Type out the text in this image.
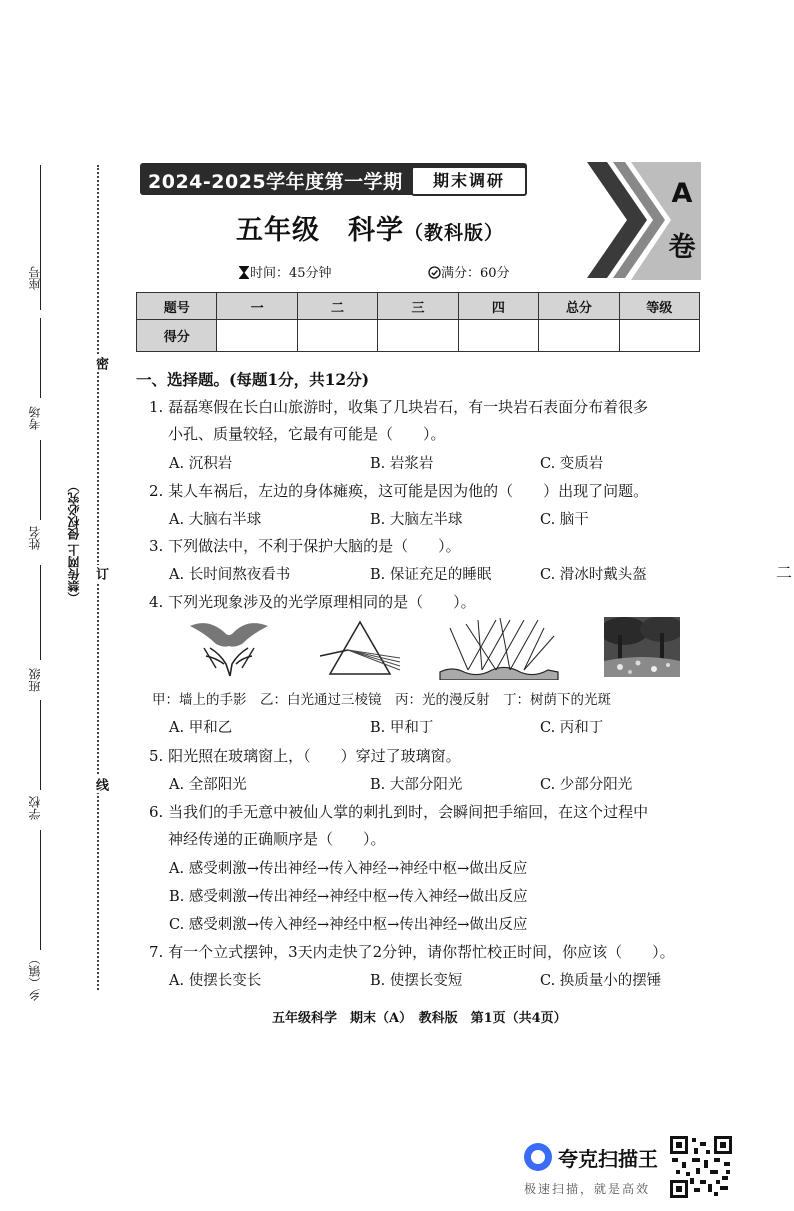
座号
考场
姓名
班级
学校
乡（镇）
（禁传网上 侵权必究）
密
订
线
2024-2025学年度第一学期	期末调研	A
卷
五年级　科学（教科版）
时间：45分钟	满分：60分
题号	一	二	三	四	总分	等级
得分						
一、选择题。(每题1分，共12分)
1. 磊磊寒假在长白山旅游时，收集了几块岩石，有一块岩石表面分布着很多
小孔、质量较轻，它最有可能是（　　）。
A. 沉积岩	B. 岩浆岩	C. 变质岩
2. 某人车祸后，左边的身体瘫痪，这可能是因为他的（　　）出现了问题。
A. 大脑右半球	B. 大脑左半球	C. 脑干
3. 下列做法中，不利于保护大脑的是（　　）。
A. 长时间熬夜看书	B. 保证充足的睡眠	C. 滑冰时戴头盔
4. 下列光现象涉及的光学原理相同的是（　　）。
甲：墙上的手影　乙：白光通过三棱镜　丙：光的漫反射　丁：树荫下的光斑
A. 甲和乙	B. 甲和丁	C. 丙和丁
5. 阳光照在玻璃窗上，（　　）穿过了玻璃窗。
A. 全部阳光	B. 大部分阳光	C. 少部分阳光
6. 当我们的手无意中被仙人掌的刺扎到时，会瞬间把手缩回，在这个过程中
神经传递的正确顺序是（　　）。
A. 感受刺激→传出神经→传入神经→神经中枢→做出反应
B. 感受刺激→传出神经→神经中枢→传入神经→做出反应
C. 感受刺激→传入神经→神经中枢→传出神经→做出反应
7. 有一个立式摆钟，3天内走快了2分钟，请你帮忙校正时间，你应该（　　）。
A. 使摆长变长	B. 使摆长变短	C. 换质量小的摆锤
五年级科学　期末（A）　教科版　第1页（共4页）
二
夸克扫描王
极速扫描，就是高效
